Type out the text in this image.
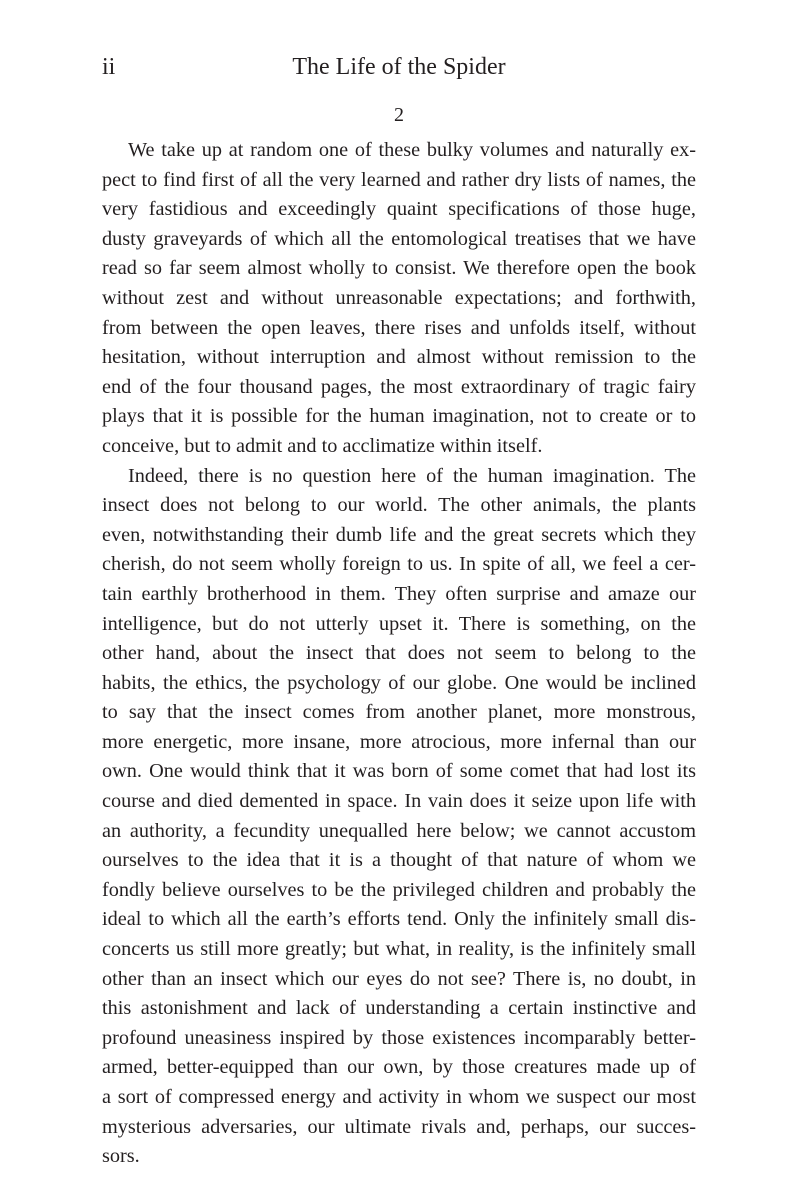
ii	The Life of the Spider
2
We take up at random one of these bulky volumes and naturally ex-
pect to find first of all the very learned and rather dry lists of names, the
very fastidious and exceedingly quaint specifications of those huge,
dusty graveyards of which all the entomological treatises that we have
read so far seem almost wholly to consist. We therefore open the book
without zest and without unreasonable expectations; and forthwith,
from between the open leaves, there rises and unfolds itself, without
hesitation, without interruption and almost without remission to the
end of the four thousand pages, the most extraordinary of tragic fairy
plays that it is possible for the human imagination, not to create or to
conceive, but to admit and to acclimatize within itself.
Indeed, there is no question here of the human imagination. The
insect does not belong to our world. The other animals, the plants
even, notwithstanding their dumb life and the great secrets which they
cherish, do not seem wholly foreign to us. In spite of all, we feel a cer-
tain earthly brotherhood in them. They often surprise and amaze our
intelligence, but do not utterly upset it. There is something, on the
other hand, about the insect that does not seem to belong to the
habits, the ethics, the psychology of our globe. One would be inclined
to say that the insect comes from another planet, more monstrous,
more energetic, more insane, more atrocious, more infernal than our
own. One would think that it was born of some comet that had lost its
course and died demented in space. In vain does it seize upon life with
an authority, a fecundity unequalled here below; we cannot accustom
ourselves to the idea that it is a thought of that nature of whom we
fondly believe ourselves to be the privileged children and probably the
ideal to which all the earth’s efforts tend. Only the infinitely small dis-
concerts us still more greatly; but what, in reality, is the infinitely small
other than an insect which our eyes do not see? There is, no doubt, in
this astonishment and lack of understanding a certain instinctive and
profound uneasiness inspired by those existences incomparably better-
armed, better-equipped than our own, by those creatures made up of
a sort of compressed energy and activity in whom we suspect our most
mysterious adversaries, our ultimate rivals and, perhaps, our succes-
sors.
